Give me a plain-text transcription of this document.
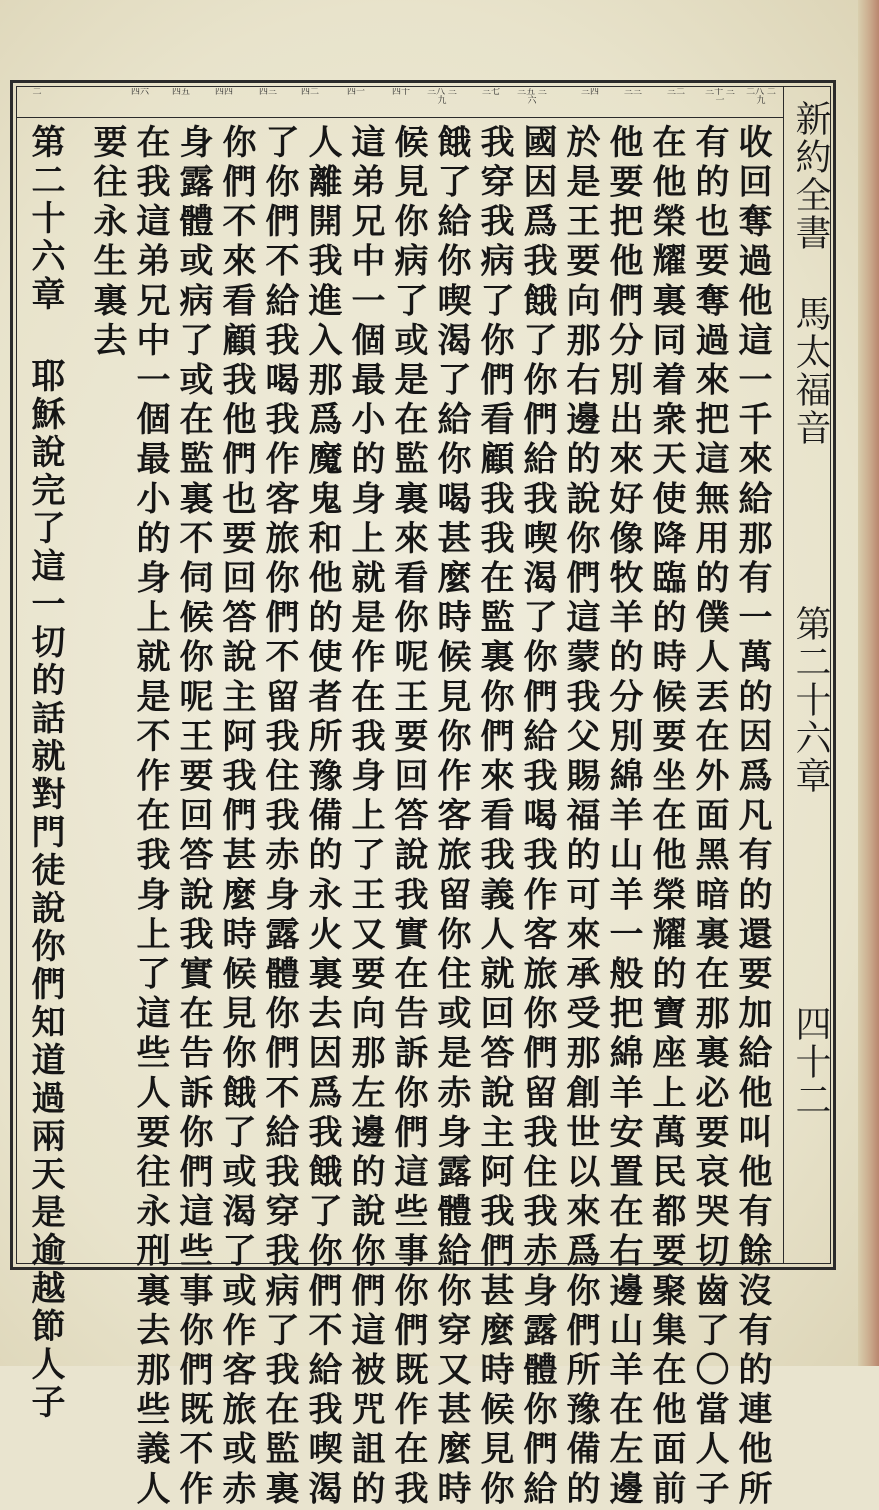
新約全書 馬太福音
第二十六章
四十二
二八 二九
三十 三一
三二
三三
三四
三五 三六
三七
三八 三九
四十
四一
四二
四三
四四
四五
四六
二
收回奪過他這一千來給那有一萬的因爲凡有的還要加給他叫他有餘沒有的連他所
有的也要奪過來把這無用的僕人丟在外面黑暗裏在那裏必要哀哭切齒了〇當人子
在他榮耀裏同着衆天使降臨的時候要坐在他榮耀的寶座上萬民都要聚集在他面前
他要把他們分別出來好像牧羊的分別綿羊山羊一般把綿羊安置在右邊山羊在左邊
於是王要向那右邊的說你們這蒙我父賜福的可來承受那創世以來爲你們所豫備的
國因爲我餓了你們給我喫渴了你們給我喝我作客旅你們留我住我赤身露體你們給
我穿我病了你們看顧我我在監裏你們來看我義人就回答說主阿我們甚麼時候見你
餓了給你喫渴了給你喝甚麼時候見你作客旅留你住或是赤身露體給你穿又甚麼時
候見你病了或是在監裏來看你呢王要回答說我實在告訴你們這些事你們既作在我
這弟兄中一個最小的身上就是作在我身上了王又要向那左邊的說你們這被咒詛的
人離開我進入那爲魔鬼和他的使者所豫備的永火裏去因爲我餓了你們不給我喫渴
了你們不給我喝我作客旅你們不留我住我赤身露體你們不給我穿我病了我在監裏
你們不來看顧我他們也要回答說主阿我們甚麼時候見你餓了或渴了或作客旅或赤
身露體或病了或在監裏不伺候你呢王要回答說我實在告訴你們這些事你們既不作
在我這弟兄中一個最小的身上就是不作在我身上了這些人要往永刑裏去那些義人
要往永生裏去
第二十六章 耶穌說完了這一切的話就對門徒說你們知道過兩天是逾越節人子
